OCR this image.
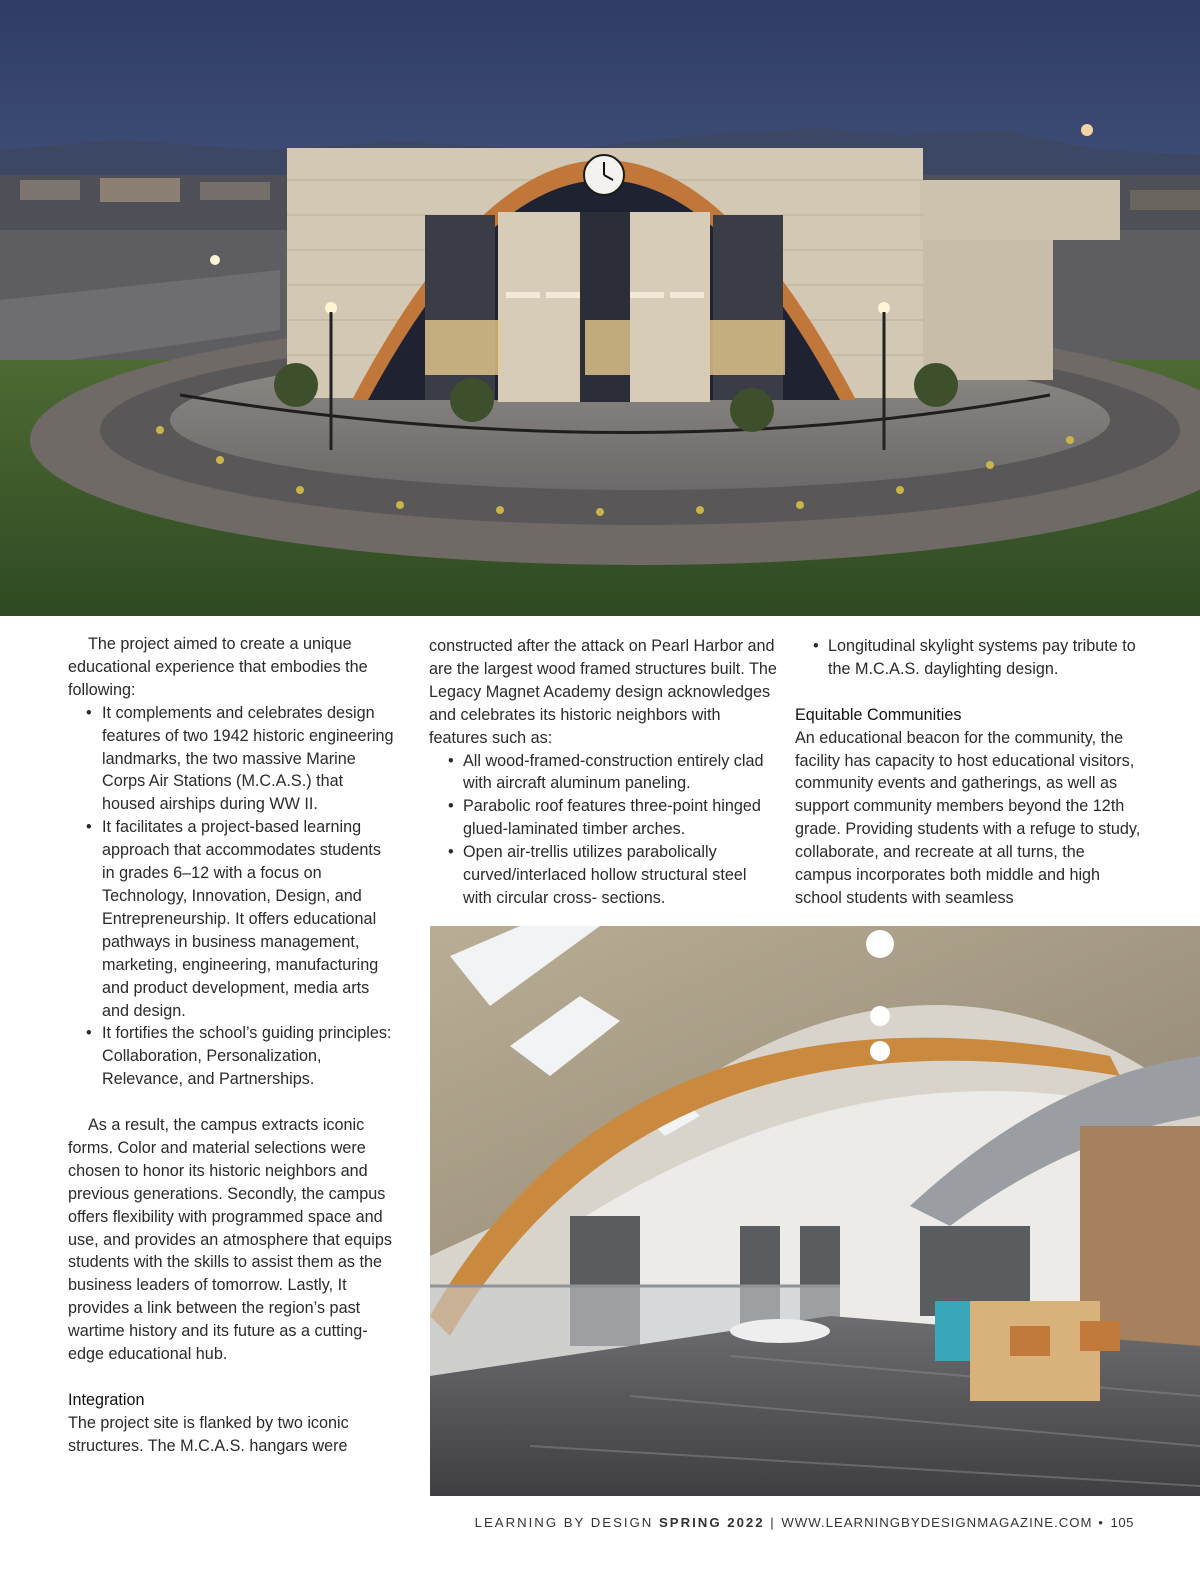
The project aimed to create a unique educational experience that embodies the following:

• It complements and celebrates design features of two 1942 historic engineering landmarks, the two massive Marine Corps Air Stations (M.C.A.S.) that housed airships during WW II.
• It facilitates a project-based learning approach that accommodates students in grades 6–12 with a focus on Technology, Innovation, Design, and Entrepreneurship. It offers educational pathways in business management, marketing, engineering, manufacturing and product development, media arts and design.
• It fortifies the school’s guiding principles: Collaboration, Personalization, Relevance, and Partnerships.

As a result, the campus extracts iconic forms. Color and material selections were chosen to honor its historic neighbors and previous generations. Secondly, the campus offers flexibility with programmed space and use, and provides an atmosphere that equips students with the skills to assist them as the business leaders of tomorrow. Lastly, It provides a link between the region’s past wartime history and its future as a cutting-edge educational hub.

Integration

The project site is flanked by two iconic structures. The M.C.A.S. hangars were

constructed after the attack on Pearl Harbor and are the largest wood framed structures built. The Legacy Magnet Academy design acknowledges and celebrates its historic neighbors with features such as:

• All wood-framed-construction entirely clad with aircraft aluminum paneling.
• Parabolic roof features three-point hinged glued-laminated timber arches.
• Open air-trellis utilizes parabolically curved/interlaced hollow structural steel with circular cross- sections.
• Longitudinal skylight systems pay tribute to the M.C.A.S. daylighting design.

Equitable Communities

An educational beacon for the community, the facility has capacity to host educational visitors, community events and gatherings, as well as support community members beyond the 12th grade. Providing students with a refuge to study, collaborate, and recreate at all turns, the campus incorporates both middle and high school students with seamless

LEARNING BY DESIGN SPRING 2022 | WWW.LEARNINGBYDESIGNMAGAZINE.COM • 105
